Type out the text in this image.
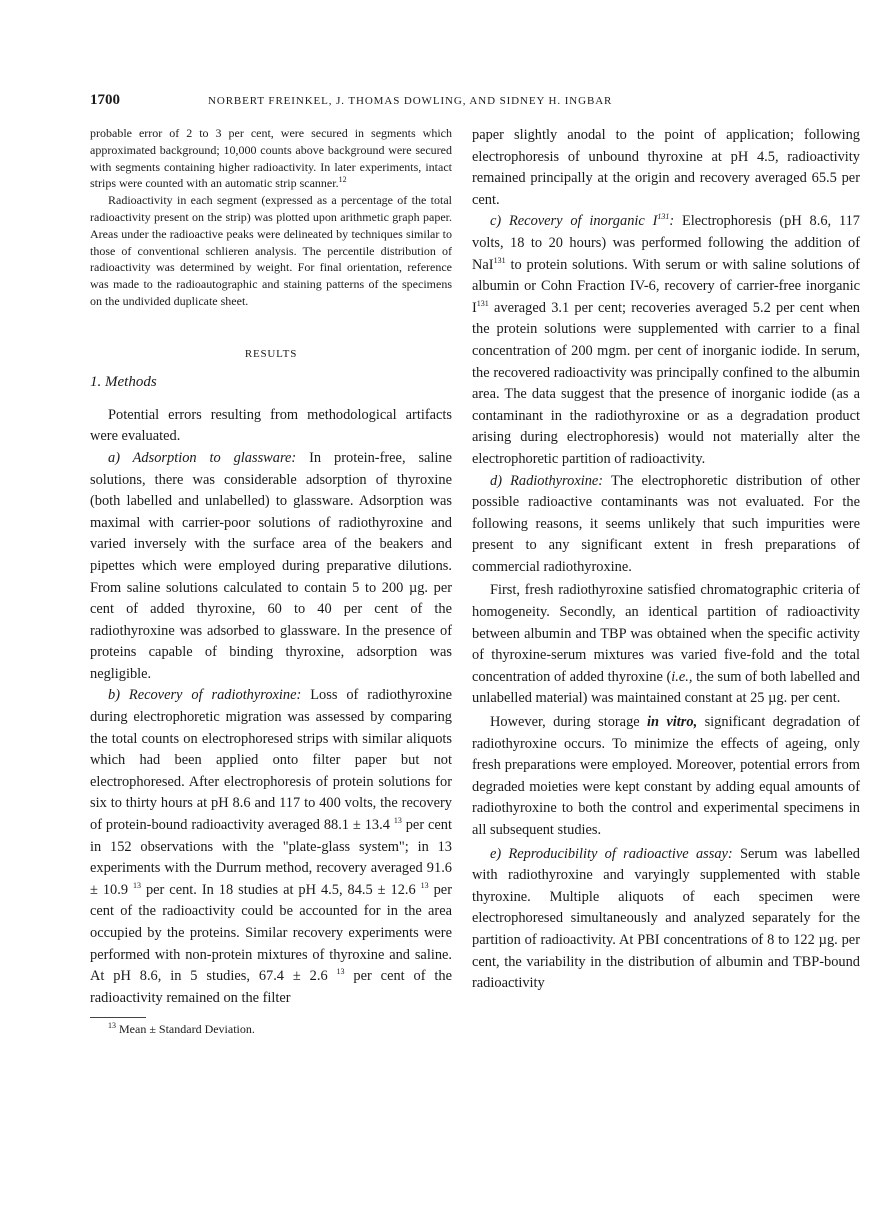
1700	NORBERT FREINKEL, J. THOMAS DOWLING, AND SIDNEY H. INGBAR

probable error of 2 to 3 per cent, were secured in segments which approximated background; 10,000 counts above background were secured with segments containing higher radioactivity. In later experiments, intact strips were counted with an automatic strip scanner.$^{12}$

Radioactivity in each segment (expressed as a percentage of the total radioactivity present on the strip) was plotted upon arithmetic graph paper. Areas under the radioactive peaks were delineated by techniques similar to those of conventional schlieren analysis. The percentile distribution of radioactivity was determined by weight. For final orientation, reference was made to the radioautographic and staining patterns of the specimens on the undivided duplicate sheet.

RESULTS
1. Methods

Potential errors resulting from methodological artifacts were evaluated.

a) Adsorption to glassware: In protein-free, saline solutions, there was considerable adsorption of thyroxine (both labelled and unlabelled) to glassware. Adsorption was maximal with carrier-poor solutions of radiothyroxine and varied inversely with the surface area of the beakers and pipettes which were employed during preparative dilutions. From saline solutions calculated to contain 5 to 200 µg. per cent of added thyroxine, 60 to 40 per cent of the radiothyroxine was adsorbed to glassware. In the presence of proteins capable of binding thyroxine, adsorption was negligible.

b) Recovery of radiothyroxine: Loss of radiothyroxine during electrophoretic migration was assessed by comparing the total counts on electrophoresed strips with similar aliquots which had been applied onto filter paper but not electrophoresed. After electrophoresis of protein solutions for six to thirty hours at pH 8.6 and 117 to 400 volts, the recovery of protein-bound radioactivity averaged 88.1 ± 13.4 $^{13}$ per cent in 152 observations with the "plate-glass system"; in 13 experiments with the Durrum method, recovery averaged 91.6 ± 10.9 $^{13}$ per cent. In 18 studies at pH 4.5, 84.5 ± 12.6 $^{13}$ per cent of the radioactivity could be accounted for in the area occupied by the proteins. Similar recovery experiments were performed with non-protein mixtures of thyroxine and saline. At pH 8.6, in 5 studies, 67.4 ± 2.6 $^{13}$ per cent of the radioactivity remained on the filter

$^{13}$ Mean ± Standard Deviation.

paper slightly anodal to the point of application; following electrophoresis of unbound thyroxine at pH 4.5, radioactivity remained principally at the origin and recovery averaged 65.5 per cent.

c) Recovery of inorganic $I^{131}$: Electrophoresis (pH 8.6, 117 volts, 18 to 20 hours) was performed following the addition of NaI$^{131}$ to protein solutions. With serum or with saline solutions of albumin or Cohn Fraction IV-6, recovery of carrier-free inorganic $I^{131}$ averaged 3.1 per cent; recoveries averaged 5.2 per cent when the protein solutions were supplemented with carrier to a final concentration of 200 mgm. per cent of inorganic iodide. In serum, the recovered radioactivity was principally confined to the albumin area. The data suggest that the presence of inorganic iodide (as a contaminant in the radiothyroxine or as a degradation product arising during electrophoresis) would not materially alter the electrophoretic partition of radioactivity.

d) Radiothyroxine: The electrophoretic distribution of other possible radioactive contaminants was not evaluated. For the following reasons, it seems unlikely that such impurities were present to any significant extent in fresh preparations of commercial radiothyroxine.

First, fresh radiothyroxine satisfied chromatographic criteria of homogeneity. Secondly, an identical partition of radioactivity between albumin and TBP was obtained when the specific activity of thyroxine-serum mixtures was varied five-fold and the total concentration of added thyroxine (i.e., the sum of both labelled and unlabelled material) was maintained constant at 25 µg. per cent.

However, during storage in vitro, significant degradation of radiothyroxine occurs. To minimize the effects of ageing, only fresh preparations were employed. Moreover, potential errors from degraded moieties were kept constant by adding equal amounts of radiothyroxine to both the control and experimental specimens in all subsequent studies.

e) Reproducibility of radioactive assay: Serum was labelled with radiothyroxine and varyingly supplemented with stable thyroxine. Multiple aliquots of each specimen were electrophoresed simultaneously and analyzed separately for the partition of radioactivity. At PBI concentrations of 8 to 122 µg. per cent, the variability in the distribution of albumin and TBP-bound radioactivity
